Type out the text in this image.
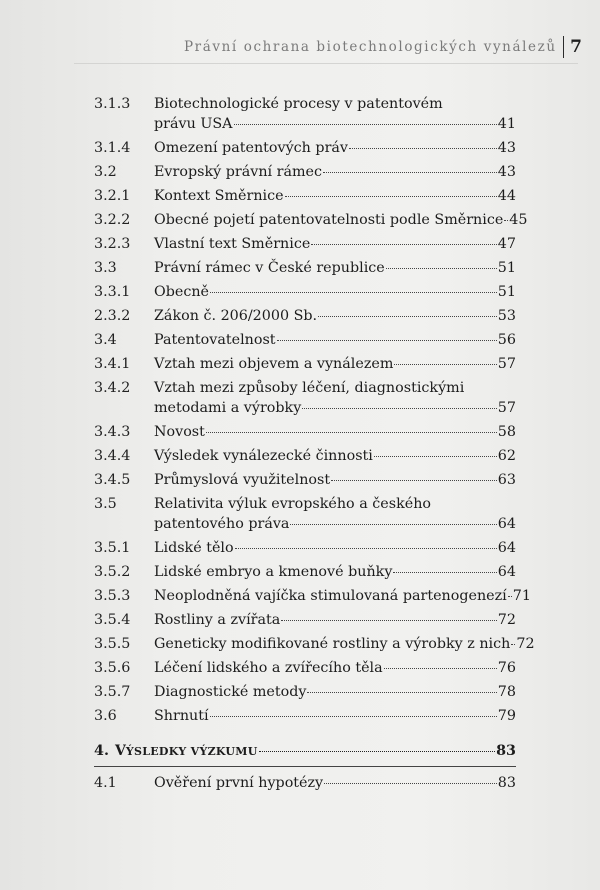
Právní ochrana biotechnologických vynálezů 7
3.1.3	Biotechnologické procesy v patentovém
právu USA	41
3.1.4	Omezení patentových práv	43
3.2	Evropský právní rámec	43
3.2.1	Kontext Směrnice	44
3.2.2	Obecné pojetí patentovatelnosti podle Směrnice 45
3.2.3	Vlastní text Směrnice	47
3.3	Právní rámec v České republice	51
3.3.1	Obecně	51
2.3.2	Zákon č. 206/2000 Sb.	53
3.4	Patentovatelnost	56
3.4.1	Vztah mezi objevem a vynálezem	57
3.4.2	Vztah mezi způsoby léčení, diagnostickými
metodami a výrobky	57
3.4.3	Novost	58
3.4.4	Výsledek vynálezecké činnosti	62
3.4.5	Průmyslová využitelnost	63
3.5	Relativita výluk evropského a českého
patentového práva	64
3.5.1	Lidské tělo	64
3.5.2	Lidské embryo a kmenové buňky	64
3.5.3	Neoplodněná vajíčka stimulovaná partenogenezí 71
3.5.4	Rostliny a zvířata	72
3.5.5	Geneticky modifikované rostliny a výrobky z nich 72
3.5.6	Léčení lidského a zvířecího těla	76
3.5.7	Diagnostické metody	78
3.6	Shrnutí	79
4. V ÝSLEDKY VÝZKUMU	83
4.1	Ověření první hypotézy	83
